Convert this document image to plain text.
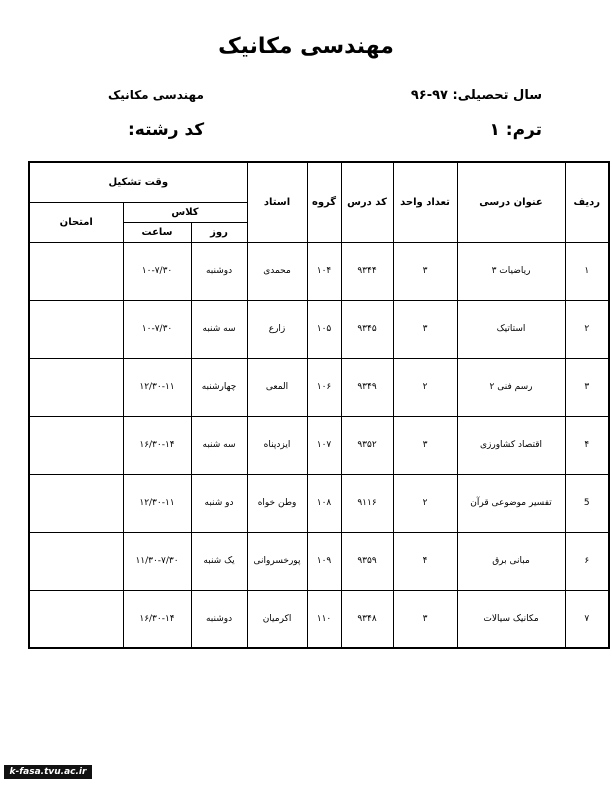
مهندسی مکانیک
سال تحصیلی: ۹۷-۹۶
مهندسی مکانیک
ترم: ۱
کد رشته:
ردیف	عنوان درسی	تعداد واحد	کد درس	گروه	استاد	وقت تشکیل		
						کلاس		امتحان
						روز	ساعت	
۱	ریاضیات ۳	۳	۹۳۴۴	۱۰۴	محمدی	دوشنبه	۱۰-۷/۳۰	
۲	استاتیک	۳	۹۳۴۵	۱۰۵	زارع	سه شنبه	۱۰-۷/۳۰	
۳	رسم فنی ۲	۲	۹۳۴۹	۱۰۶	المعی	چهارشنبه	۱۲/۳۰-۱۱	
۴	اقتصاد کشاورزی	۳	۹۳۵۲	۱۰۷	ایزدپناه	سه شنبه	۱۶/۳۰-۱۴	
5	تفسیر موضوعی قرآن	۲	۹۱۱۶	۱۰۸	وطن خواه	دو شنبه	۱۲/۳۰-۱۱	
۶	مبانی برق	۴	۹۳۵۹	۱۰۹	پورخسروانی	یک شنبه	۱۱/۳۰-۷/۳۰	
۷	مکانیک سیالات	۳	۹۳۴۸	۱۱۰	اکرمیان	دوشنبه	۱۶/۳۰-۱۴	
k-fasa.tvu.ac.ir
